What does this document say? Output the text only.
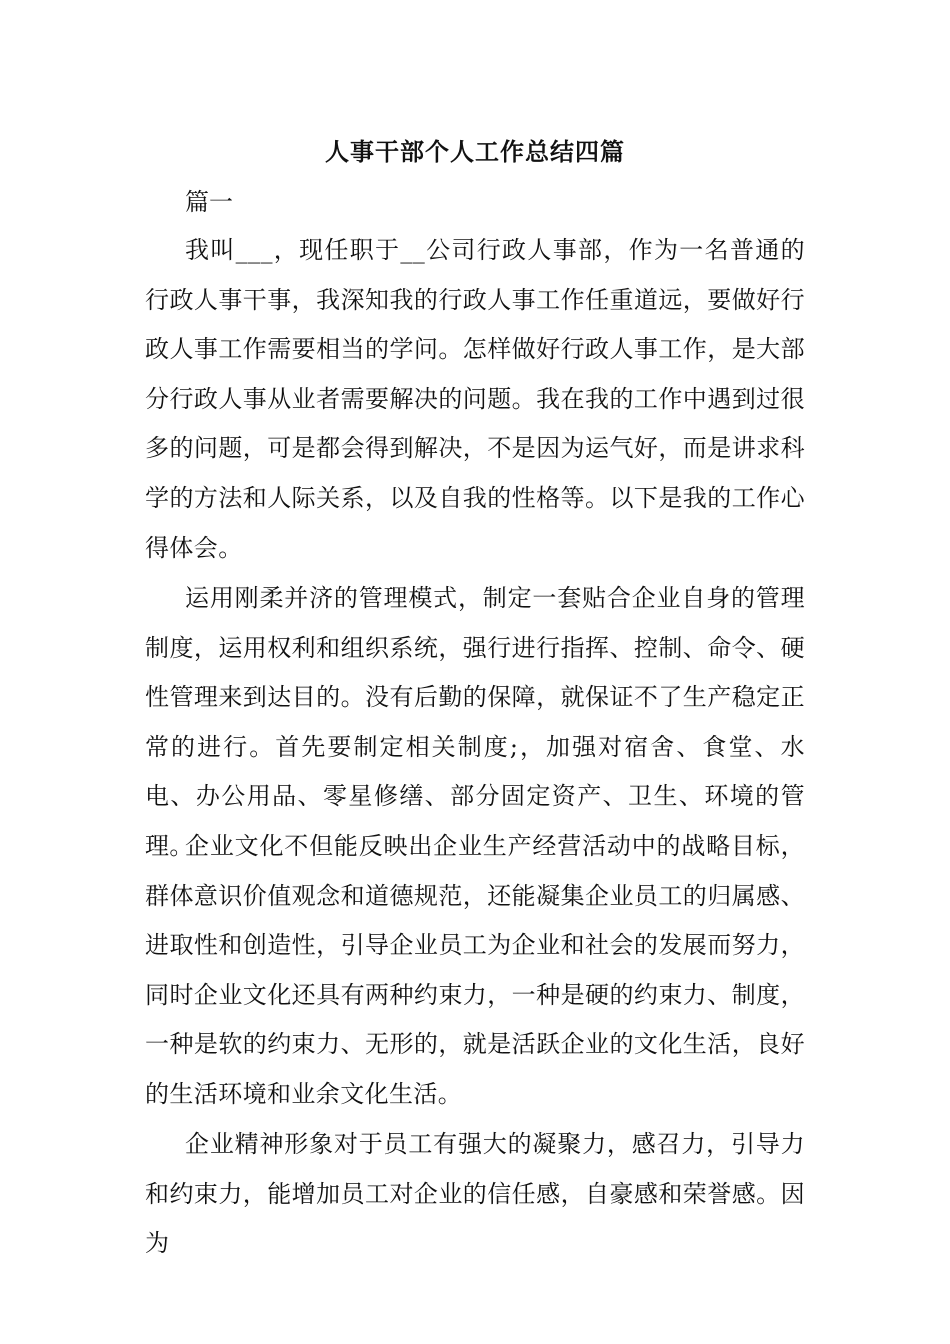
人事干部个人工作总结四篇
篇一

我叫___，现任职于__公司行政人事部，作为一名普通的行政人事干事，我深知我的行政人事工作任重道远，要做好行政人事工作需要相当的学问。怎样做好行政人事工作，是大部分行政人事从业者需要解决的问题。我在我的工作中遇到过很多的问题，可是都会得到解决，不是因为运气好，而是讲求科学的方法和人际关系，以及自我的性格等。以下是我的工作心得体会。

运用刚柔并济的管理模式，制定一套贴合企业自身的管理制度，运用权利和组织系统，强行进行指挥、控制、命令、硬性管理来到达目的。没有后勤的保障，就保证不了生产稳定正常的进行。首先要制定相关制度;，加强对宿舍、食堂、水电、办公用品、零星修缮、部分固定资产、卫生、环境的管理。

企业文化不但能反映出企业生产经营活动中的战略目标，群体意识价值观念和道德规范，还能凝集企业员工的归属感、进取性和创造性，引导企业员工为企业和社会的发展而努力，同时企业文化还具有两种约束力，一种是硬的约束力、制度，一种是软的约束力、无形的，就是活跃企业的文化生活，良好的生活环境和业余文化生活。

企业精神形象对于员工有强大的凝聚力，感召力，引导力和约束力，能增加员工对企业的信任感，自豪感和荣誉感。因为
